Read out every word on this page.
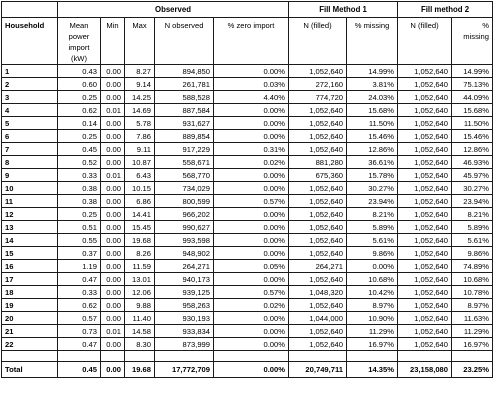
	Observed					Fill Method 1		Fill method 2	
Household	Mean power import (kW)	Min	Max	N observed	% zero import	N (filled)	% missing	N (filled)	% missing
1	0.43	0.00	8.27	894,850	0.00%	1,052,640	14.99%	1,052,640	14.99%
2	0.60	0.00	9.14	261,781	0.03%	272,160	3.81%	1,052,640	75.13%
3	0.25	0.00	14.25	588,528	4.40%	774,720	24.03%	1,052,640	44.09%
4	0.62	0.01	14.69	887,584	0.00%	1,052,640	15.68%	1,052,640	15.68%
5	0.14	0.00	5.78	931,627	0.00%	1,052,640	11.50%	1,052,640	11.50%
6	0.25	0.00	7.86	889,854	0.00%	1,052,640	15.46%	1,052,640	15.46%
7	0.45	0.00	9.11	917,229	0.31%	1,052,640	12.86%	1,052,640	12.86%
8	0.52	0.00	10.87	558,671	0.02%	881,280	36.61%	1,052,640	46.93%
9	0.33	0.01	6.43	568,770	0.00%	675,360	15.78%	1,052,640	45.97%
10	0.38	0.00	10.15	734,029	0.00%	1,052,640	30.27%	1,052,640	30.27%
11	0.38	0.00	6.86	800,599	0.57%	1,052,640	23.94%	1,052,640	23.94%
12	0.25	0.00	14.41	966,202	0.00%	1,052,640	8.21%	1,052,640	8.21%
13	0.51	0.00	15.45	990,627	0.00%	1,052,640	5.89%	1,052,640	5.89%
14	0.55	0.00	19.68	993,598	0.00%	1,052,640	5.61%	1,052,640	5.61%
15	0.37	0.00	8.26	948,902	0.00%	1,052,640	9.86%	1,052,640	9.86%
16	1.19	0.00	11.59	264,271	0.05%	264,271	0.00%	1,052,640	74.89%
17	0.47	0.00	13.01	940,173	0.00%	1,052,640	10.68%	1,052,640	10.68%
18	0.33	0.00	12.06	939,125	0.57%	1,048,320	10.42%	1,052,640	10.78%
19	0.62	0.00	9.88	958,263	0.02%	1,052,640	8.97%	1,052,640	8.97%
20	0.57	0.00	11.40	930,193	0.00%	1,044,000	10.90%	1,052,640	11.63%
21	0.73	0.01	14.58	933,834	0.00%	1,052,640	11.29%	1,052,640	11.29%
22	0.47	0.00	8.30	873,999	0.00%	1,052,640	16.97%	1,052,640	16.97%

Total	0.45	0.00	19.68	17,772,709	0.00%	20,749,711	14.35%	23,158,080	23.25%
